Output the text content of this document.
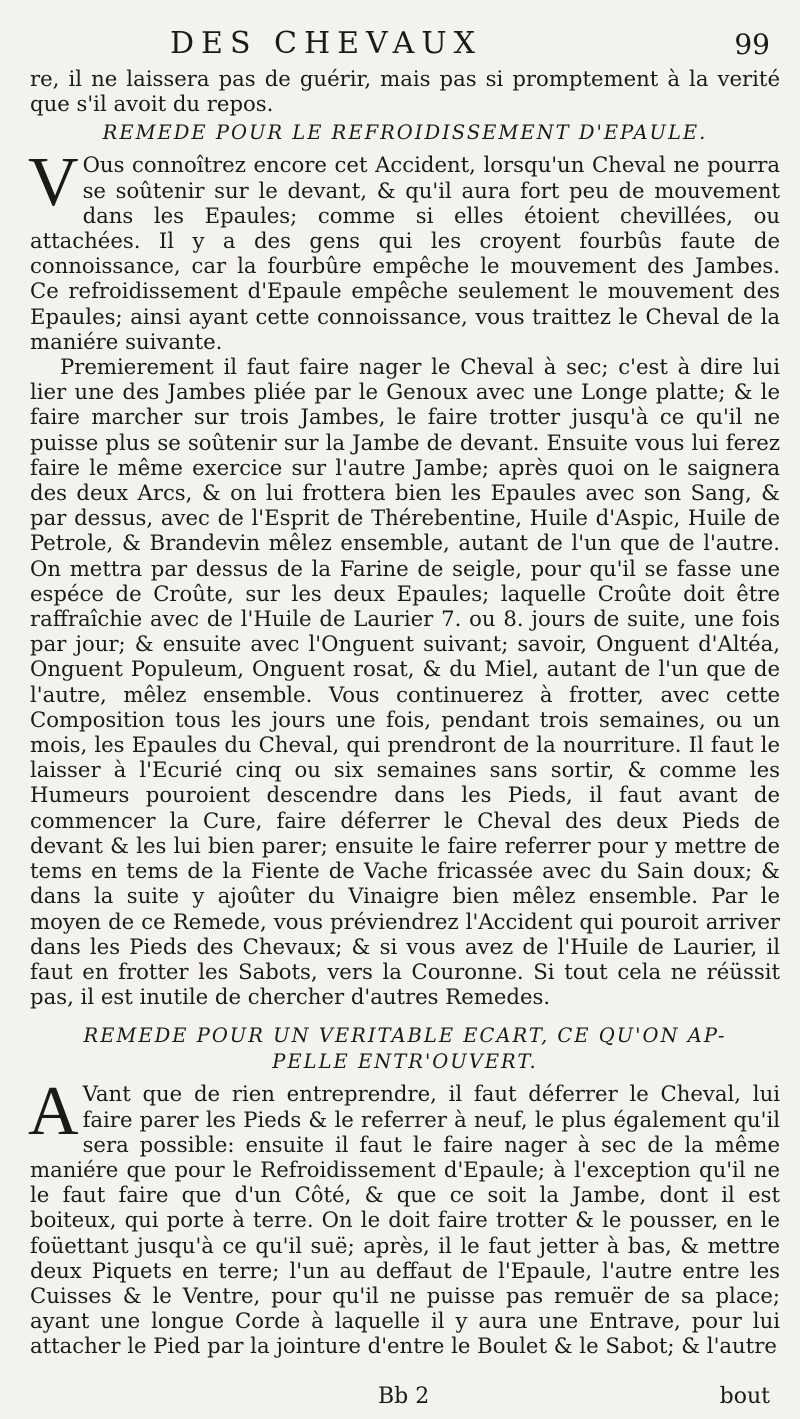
DES CHEVAUX	99

re, il ne laissera pas de guérir, mais pas si promptement à la verité que s'il avoit du repos.

REMEDE POUR LE REFROIDISSEMENT D'EPAULE.

V Ous connoîtrez encore cet Accident, lorsqu'un Cheval ne pourra se soûtenir sur le devant, & qu'il aura fort peu de mouvement dans les Epaules; comme si elles étoient chevillées, ou attachées. Il y a des gens qui les croyent fourbûs faute de connoissance, car la fourbûre empêche le mouvement des Jambes. Ce refroidissement d'Epaule empêche seulement le mouvement des Epaules; ainsi ayant cette connoissance, vous traittez le Cheval de la maniére suivante.

Premierement il faut faire nager le Cheval à sec; c'est à dire lui lier une des Jambes pliée par le Genoux avec une Longe platte; & le faire marcher sur trois Jambes, le faire trotter jusqu'à ce qu'il ne puisse plus se soûtenir sur la Jambe de devant. Ensuite vous lui ferez faire le même exercice sur l'autre Jambe; après quoi on le saignera des deux Arcs, & on lui frottera bien les Epaules avec son Sang, & par dessus, avec de l'Esprit de Thérebentine, Huile d'Aspic, Huile de Petrole, & Brandevin mêlez ensemble, autant de l'un que de l'autre. On mettra par dessus de la Farine de seigle, pour qu'il se fasse une espéce de Croûte, sur les deux Epaules; laquelle Croûte doit être raffraîchie avec de l'Huile de Laurier 7. ou 8. jours de suite, une fois par jour; & ensuite avec l'Onguent suivant; savoir, Onguent d'Altéa, Onguent Populeum, Onguent rosat, & du Miel, autant de l'un que de l'autre, mêlez ensemble. Vous continuerez à frotter, avec cette Composition tous les jours une fois, pendant trois semaines, ou un mois, les Epaules du Cheval, qui prendront de la nourriture. Il faut le laisser à l'Ecurié cinq ou six semaines sans sortir, & comme les Humeurs pouroient descendre dans les Pieds, il faut avant de commencer la Cure, faire déferrer le Cheval des deux Pieds de devant & les lui bien parer; ensuite le faire referrer pour y mettre de tems en tems de la Fiente de Vache fricassée avec du Sain doux; & dans la suite y ajoûter du Vinaigre bien mêlez ensemble. Par le moyen de ce Remede, vous préviendrez l'Accident qui pouroit arriver dans les Pieds des Chevaux; & si vous avez de l'Huile de Laurier, il faut en frotter les Sabots, vers la Couronne. Si tout cela ne réüssit pas, il est inutile de chercher d'autres Remedes.

REMEDE POUR UN VERITABLE ECART, CE QU'ON AP-
PELLE ENTR'OUVERT.

A Vant que de rien entreprendre, il faut déferrer le Cheval, lui faire parer les Pieds & le referrer à neuf, le plus également qu'il sera possible: ensuite il faut le faire nager à sec de la même maniére que pour le Refroidissement d'Epaule; à l'exception qu'il ne le faut faire que d'un Côté, & que ce soit la Jambe, dont il est boiteux, qui porte à terre. On le doit faire trotter & le pousser, en le foüettant jusqu'à ce qu'il suë; après, il le faut jetter à bas, & mettre deux Piquets en terre; l'un au deffaut de l'Epaule, l'autre entre les Cuisses & le Ventre, pour qu'il ne puisse pas remuër de sa place; ayant une longue Corde à laquelle il y aura une Entrave, pour lui attacher le Pied par la jointure d'entre le Boulet & le Sabot; & l'autre

Bb 2	bout
